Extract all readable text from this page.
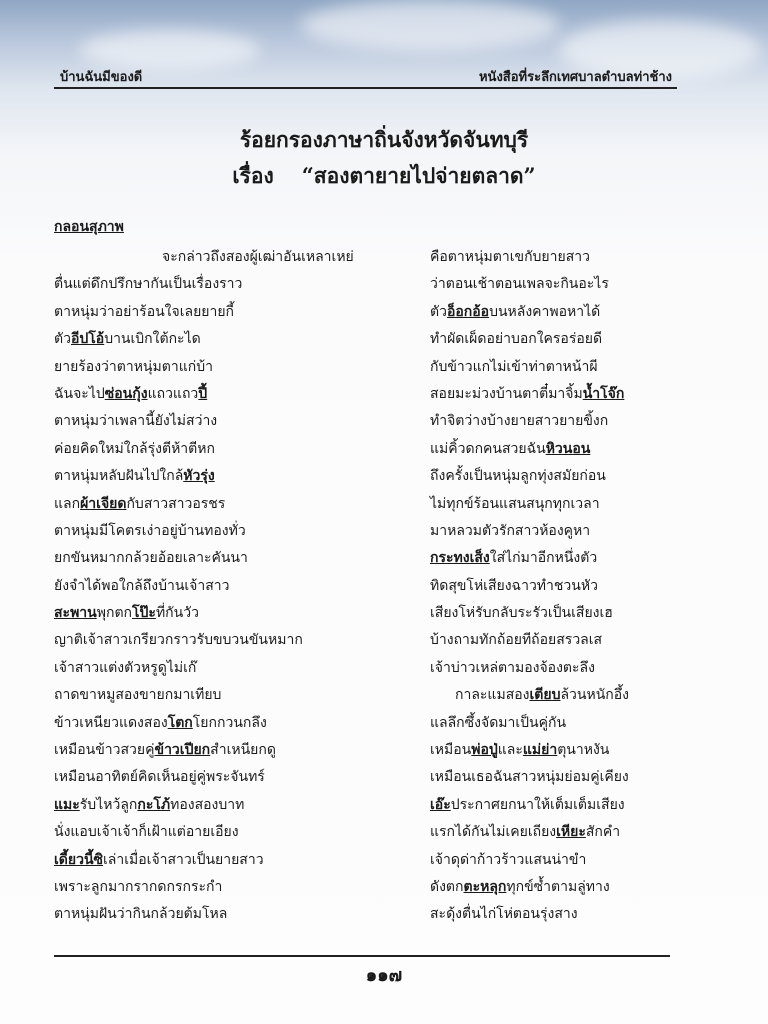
บ้านฉันมีของดี	หนังสือที่ระลึกเทศบาลตำบลท่าช้าง
ร้อยกรองภาษาถิ่นจังหวัดจันทบุรี
เรื่อง “สองตายายไปจ่ายตลาด”
กลอนสุภาพ
จะกล่าวถึงสองผู้เฒ่าอันเหลาเหย่
ตื่นแต่ดึกปรึกษากันเป็นเรื่องราว
ตาหนุ่มว่าอย่าร้อนใจเลยยายกี้
ตัวอีปโอ้บานเบิกใต้กะได
ยายร้องว่าตาหนุ่มตาแก่บ้า
ฉันจะไปซ่อนกุ้งแถวแถวปี้
ตาหนุ่มว่าเพลานี้ยังไม่สว่าง
ค่อยคิดใหม่ใกล้รุ่งตีห้าตีหก
ตาหนุ่มหลับฝันไปใกล้หัวรุ่ง
แลกผ้าเจียดกับสาวสาวอรชร
ตาหนุ่มมีโคตรเง่าอยู่บ้านทองทั่ว
ยกขันหมากกล้วยอ้อยเลาะคันนา
ยังจำได้พอใกล้ถึงบ้านเจ้าสาว
สะพานพุกตกโป๊ะที่กันวัว
ญาติเจ้าสาวเกรียวกราวรับขบวนขันหมาก
เจ้าสาวแต่งตัวหรูดูไม่เก๊
ถาดขาหมูสองขายกมาเทียบ
ข้าวเหนียวแดงสองโตกโยกกวนกลึง
เหมือนข้าวสวยคู่ข้าวเปียกสำเหนียกดู
เหมือนอาทิตย์คิดเห็นอยู่คู่พระจันทร์
แมะรับไหว้ลูกกะโภ้ทองสองบาท
นั่งแอบเจ้าเจ้าก็เฝ้าแต่อายเอียง
เดี้ยวนี้ซิเล่าเมื่อเจ้าสาวเป็นยายสาว
เพราะลูกมากรากดกรกระกำ
ตาหนุ่มฝันว่ากินกล้วยต้มโหล
คือตาหนุ่มตาเขกับยายสาว
ว่าตอนเช้าตอนเพลจะกินอะไร
ตัวอ็อกอ้อบนหลังคาพอหาได้
ทำผัดเผ็ดอย่าบอกใครอร่อยดี
กับข้าวแกไม่เข้าท่าตาหน้าผี
สอยมะม่วงบ้านตาตี๋มาจิ้มน้ำโจ๊ก
ทำจิตว่างบ้างยายสาวยายขิ้งก
แม่คิ้วดกคนสวยฉันหิวนอน
ถึงครั้งเป็นหนุ่มลูกทุ่งสมัยก่อน
ไม่ทุกข์ร้อนแสนสนุกทุกเวลา
มาหลวมตัวรักสาวห้องคูหา
กระทงเส็งใส่ไก่มาอีกหนึ่งตัว
ทิดสุขโห่เสียงฉาวทำชวนหัว
เสียงโห่รับกลับระรัวเป็นเสียงเฮ
บ้างถามทักถ้อยทีถ้อยสรวลเส
เจ้าบ่าวเหล่ตามองจ้องตะลึง
กาละแมสองเตียบล้วนหนักอึ้ง
แลลึกซึ้งจัดมาเป็นคู่กัน
เหมือนพ่อปู่และแม่ย่าตุนาหงัน
เหมือนเธอฉันสาวหนุ่มย่อมคู่เคียง
เอ๊ะประกาศยกนาให้เต็มเต็มเสียง
แรกได้กันไม่เคยเถียงเหียะสักคำ
เจ้าดุด่าก้าวร้าวแสนน่าขำ
ดังตกตะหลุกทุกข์ซ้ำตามลู่ทาง
สะดุ้งตื่นไก่โห่ตอนรุ่งสาง
๑๑๗
